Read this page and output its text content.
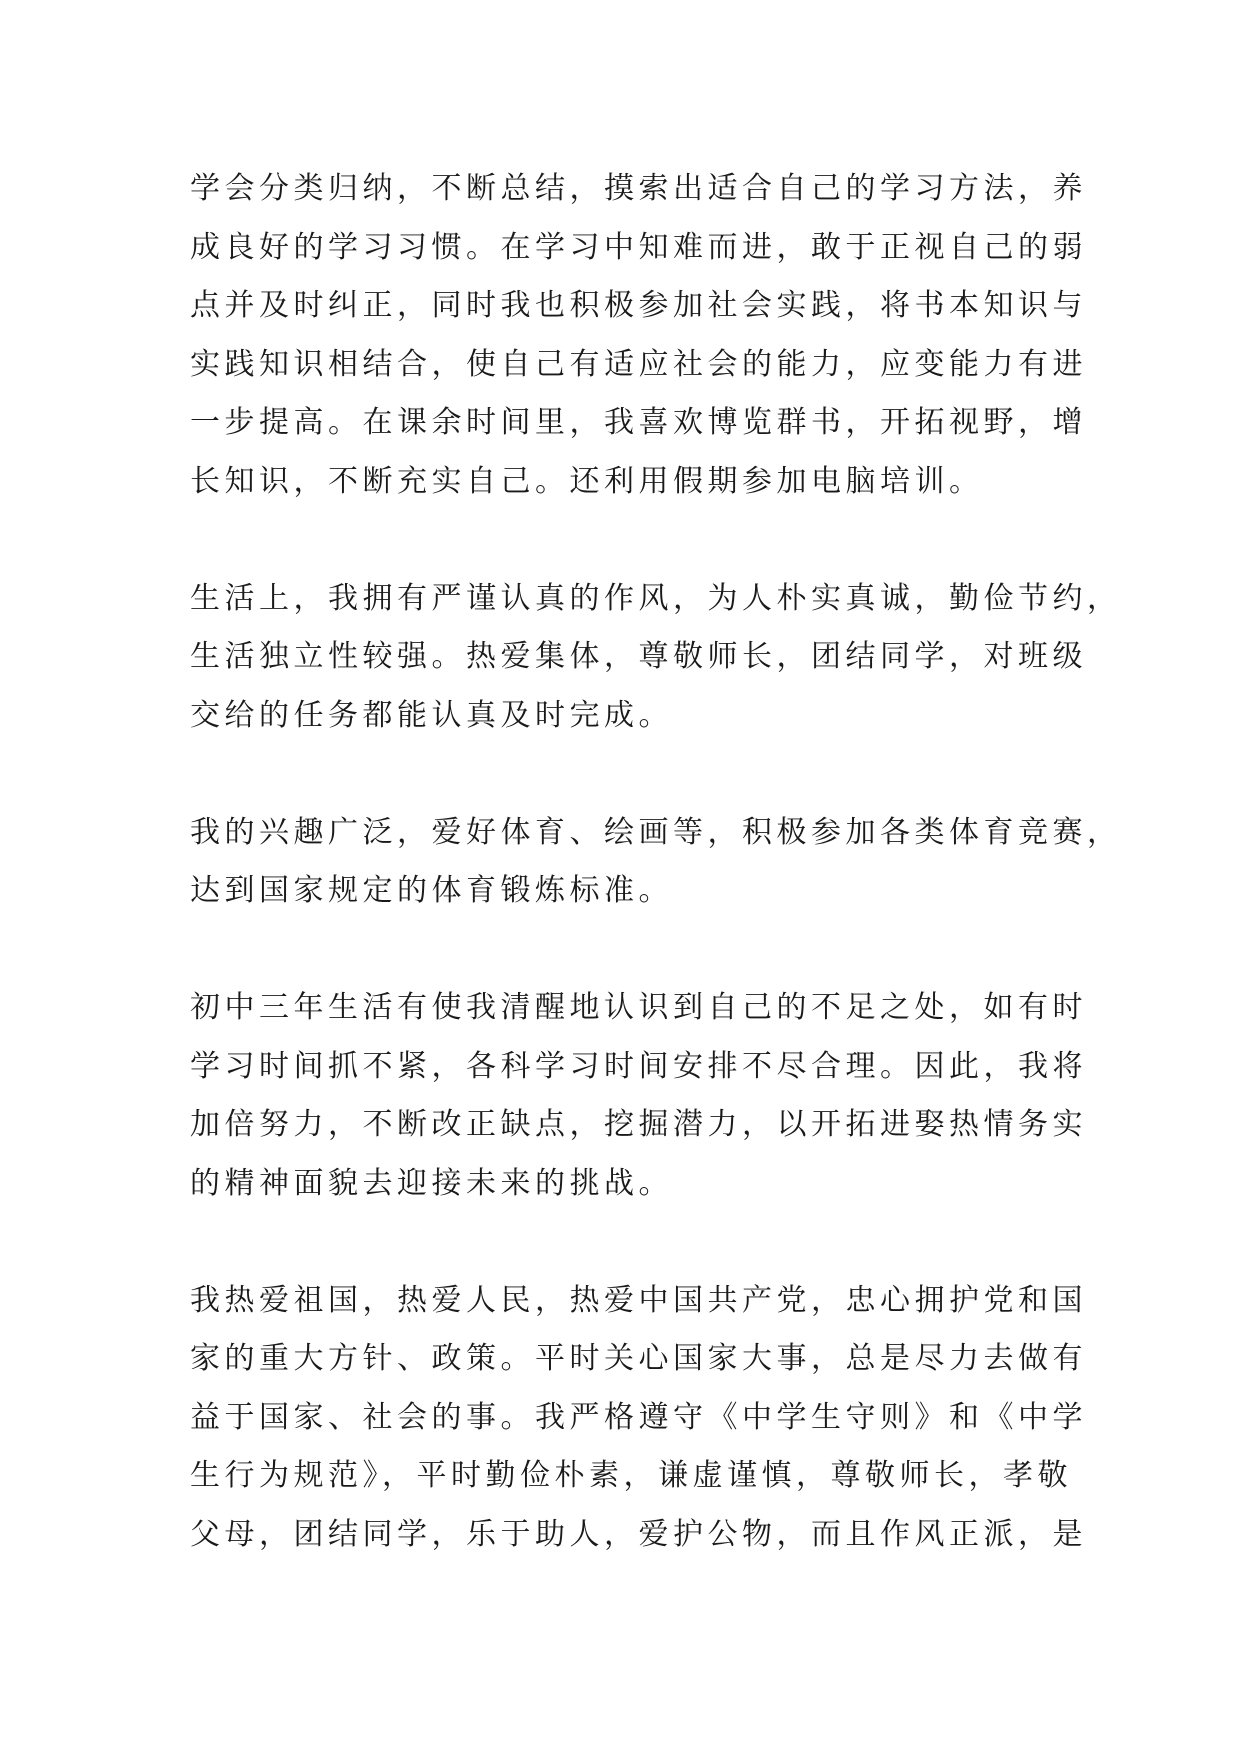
学会分类归纳，不断总结，摸索出适合自己的学习方法，养
成良好的学习习惯。在学习中知难而进，敢于正视自己的弱
点并及时纠正，同时我也积极参加社会实践，将书本知识与
实践知识相结合，使自己有适应社会的能力，应变能力有进
一步提高。在课余时间里，我喜欢博览群书，开拓视野，增
长知识，不断充实自己。还利用假期参加电脑培训。

生活上，我拥有严谨认真的作风，为人朴实真诚，勤俭节约，
生活独立性较强。热爱集体，尊敬师长，团结同学，对班级
交给的任务都能认真及时完成。

我的兴趣广泛，爱好体育、绘画等，积极参加各类体育竞赛，
达到国家规定的体育锻炼标准。

初中三年生活有使我清醒地认识到自己的不足之处，如有时
学习时间抓不紧，各科学习时间安排不尽合理。因此，我将
加倍努力，不断改正缺点，挖掘潜力，以开拓进娶热情务实
的精神面貌去迎接未来的挑战。

我热爱祖国，热爱人民，热爱中国共产党，忠心拥护党和国
家的重大方针、政策。平时关心国家大事，总是尽力去做有
益于国家、社会的事。我严格遵守《中学生守则》和《中学
生行为规范》，平时勤俭朴素，谦虚谨慎，尊敬师长，孝敬
父母，团结同学，乐于助人，爱护公物，而且作风正派，是
